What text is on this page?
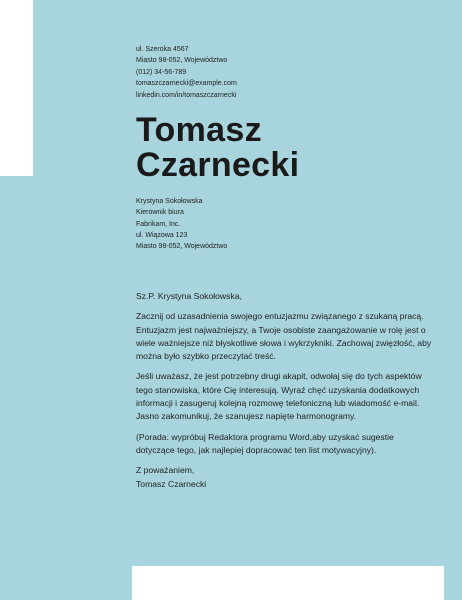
ul. Szeroka 4567
Miasto 98-052, Województwo
(012) 34-56-789
tomaszczarnecki@example.com
linkedin.com/in/tomaszczarnecki
Tomasz
Czarnecki
Krystyna Sokołowska
Kierownik biura
Fabrikam, Inc.
ul. Wiązowa 123
Miasto 98-052, Województwo

Sz.P. Krystyna Sokołowska,

Zacznij od uzasadnienia swojego entuzjazmu związanego z szukaną pracą.
Entuzjazm jest najważniejszy, a Twoje osobiste zaangażowanie w rolę jest o
wiele ważniejsze niż błyskotliwe słowa i wykrzykniki. Zachowaj zwięzłość, aby
można było szybko przeczytać treść.

Jeśli uważasz, że jest potrzebny drugi akapit, odwołaj się do tych aspektów
tego stanowiska, które Cię interesują. Wyraź chęć uzyskania dodatkowych
informacji i zasugeruj kolejną rozmowę telefoniczną lub wiadomość e-mail.
Jasno zakomunikuj, że szanujesz napięte harmonogramy.

(Porada: wypróbuj Redaktora programu Word,aby uzyskać sugestie
dotyczące tego, jak najlepiej dopracować ten list motywacyjny).

Z poważaniem,
Tomasz Czarnecki
